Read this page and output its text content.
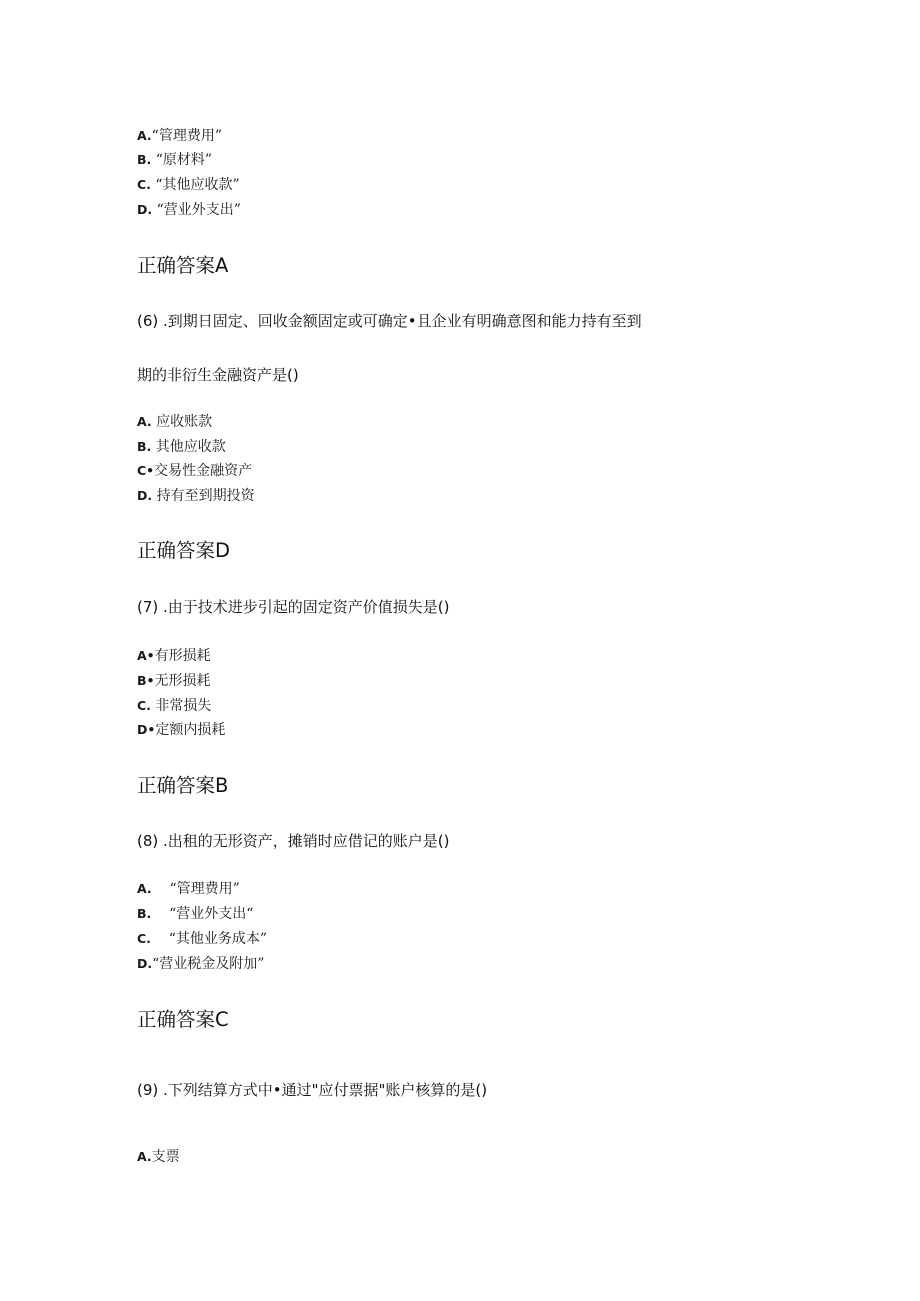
A.“管理费用”
B. “原材料”
C. “其他应收款”
D. “营业外支出”
正确答案A
(6) .到期日固定、回收金额固定或可确定•且企业有明确意图和能力持有至到
期的非衍生金融资产是()
A. 应收账款
B. 其他应收款
C•交易性金融资产
D. 持有至到期投资
正确答案D
(7) .由于技术进步引起的固定资产价值损失是()
A•有形损耗
B•无形损耗
C. 非常损失
D•定额内损耗
正确答案B
(8) .出租的无形资产，摊销时应借记的账户是()
A.    “管理费用”
B.    “营业外支出“
C.    “其他业务成本”
D.“营业税金及附加”
正确答案C
(9) .下列结算方式中•通过"应付票据"账户核算的是()
A.支票
